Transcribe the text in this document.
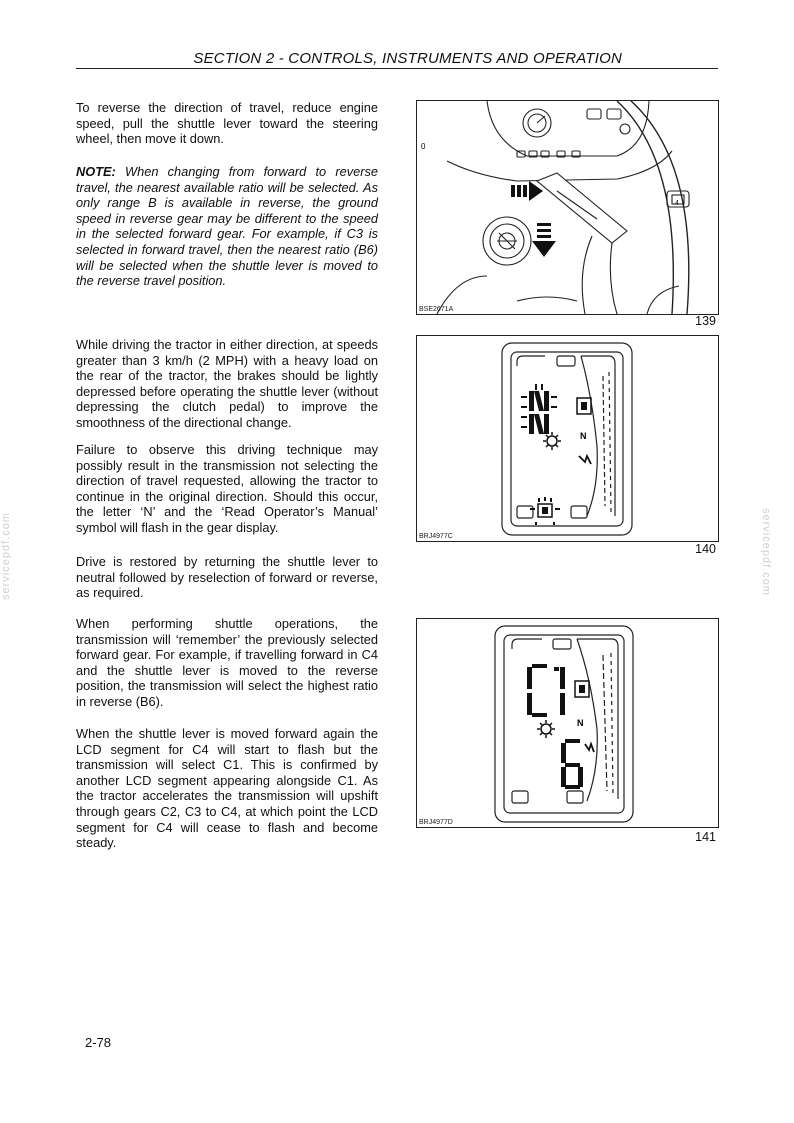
SECTION 2 - CONTROLS, INSTRUMENTS AND OPERATION

To reverse the direction of travel, reduce engine speed, pull the shuttle lever toward the steering wheel, then move it down.

NOTE: When changing from forward to reverse travel, the nearest available ratio will be selected. As only range B is available in reverse, the ground speed in reverse gear may be different to the speed in the selected forward gear. For example, if C3 is selected in forward travel, then the nearest ratio (B6) will be selected when the shuttle lever is moved to the reverse travel position.

While driving the tractor in either direction, at speeds greater than 3 km/h (2 MPH) with a heavy load on the rear of the tractor, the brakes should be lightly depressed before operating the shuttle lever (without depressing the clutch pedal) to improve the smoothness of the directional change.

Failure to observe this driving technique may possibly result in the transmission not selecting the direction of travel requested, allowing the tractor to continue in the original direction. Should this occur, the letter ‘N’ and the ‘Read Operator’s Manual’ symbol will flash in the gear display.

Drive is restored by returning the shuttle lever to neutral followed by reselection of forward or reverse, as required.

When performing shuttle operations, the transmission will ‘remember’ the previously selected forward gear. For example, if travelling forward in C4 and the shuttle lever is moved to the reverse position, the transmission will select the highest ratio in reverse (B6).

When the shuttle lever is moved forward again the LCD segment for C4 will start to flash but the transmission will select C1. This is confirmed by another LCD segment appearing alongside C1. As the tractor accelerates the transmission will upshift through gears C2, C3 to C4, at which point the LCD segment for C4 will cease to flash and become steady.

0
4
BSE2671A
139
N
BRJ4977C
140
N
BRJ4977D
141
2-78
servicepdf.com	servicepdf.com
